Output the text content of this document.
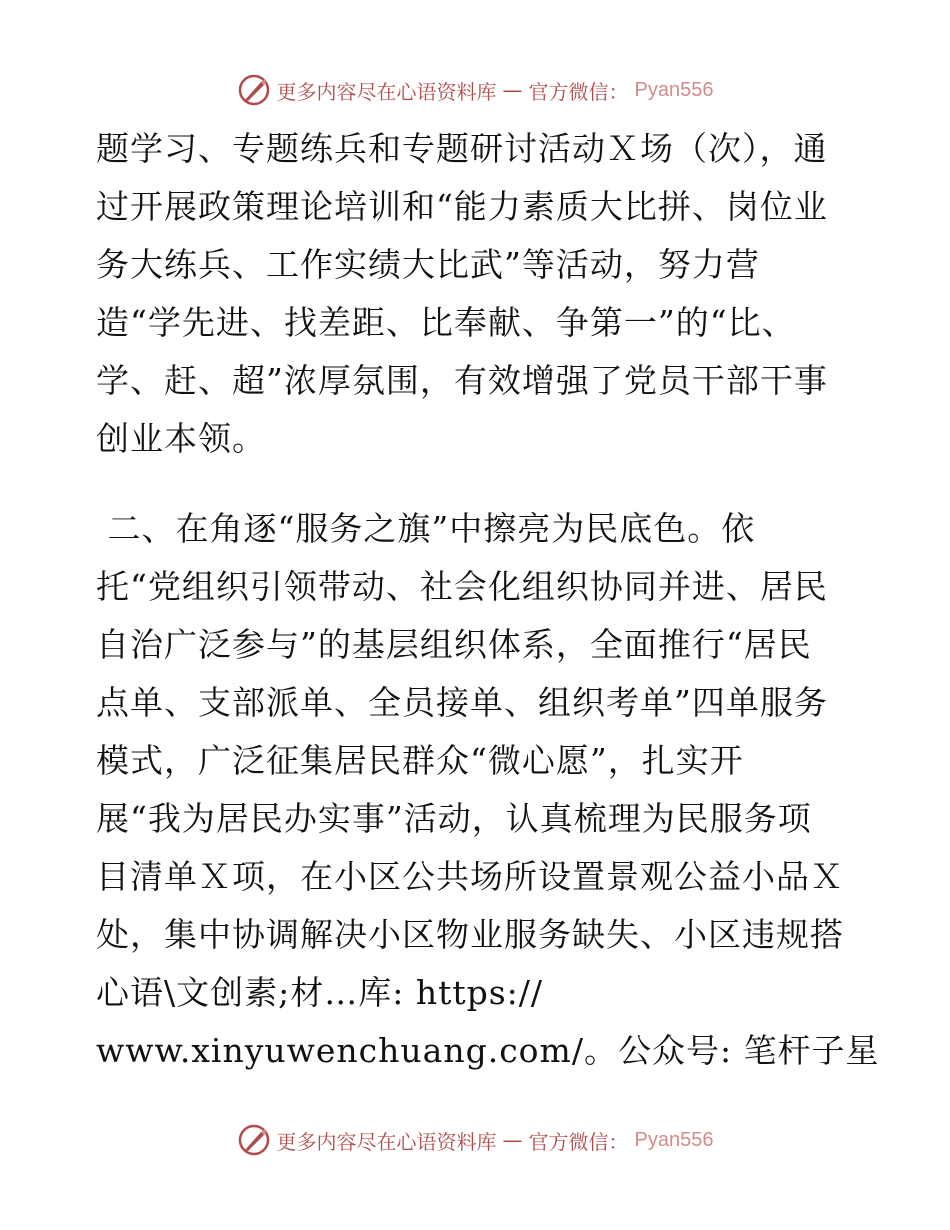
更多内容尽在心语资料库 — 官方微信： Pyan556
题学习、专题练兵和专题研讨活动Ｘ场（次），通
过开展政策理论培训和“能力素质大比拼、岗位业
务大练兵、工作实绩大比武”等活动，努力营
造“学先进、找差距、比奉献、争第一”的“比、
学、赶、超”浓厚氛围，有效增强了党员干部干事
创业本领。
二、在角逐“服务之旗”中擦亮为民底色。依
托“党组织引领带动、社会化组织协同并进、居民
自治广泛参与”的基层组织体系，全面推行“居民
点单、支部派单、全员接单、组织考单”四单服务
模式，广泛征集居民群众“微心愿”，扎实开
展“我为居民办实事”活动，认真梳理为民服务项
目清单Ｘ项，在小区公共场所设置景观公益小品Ｘ
处，集中协调解决小区物业服务缺失、小区违规搭
心语\文创素;材…库: https://
www.xinyuwenchuang.com/。公众号: 笔杆子星
更多内容尽在心语资料库 — 官方微信： Pyan556
